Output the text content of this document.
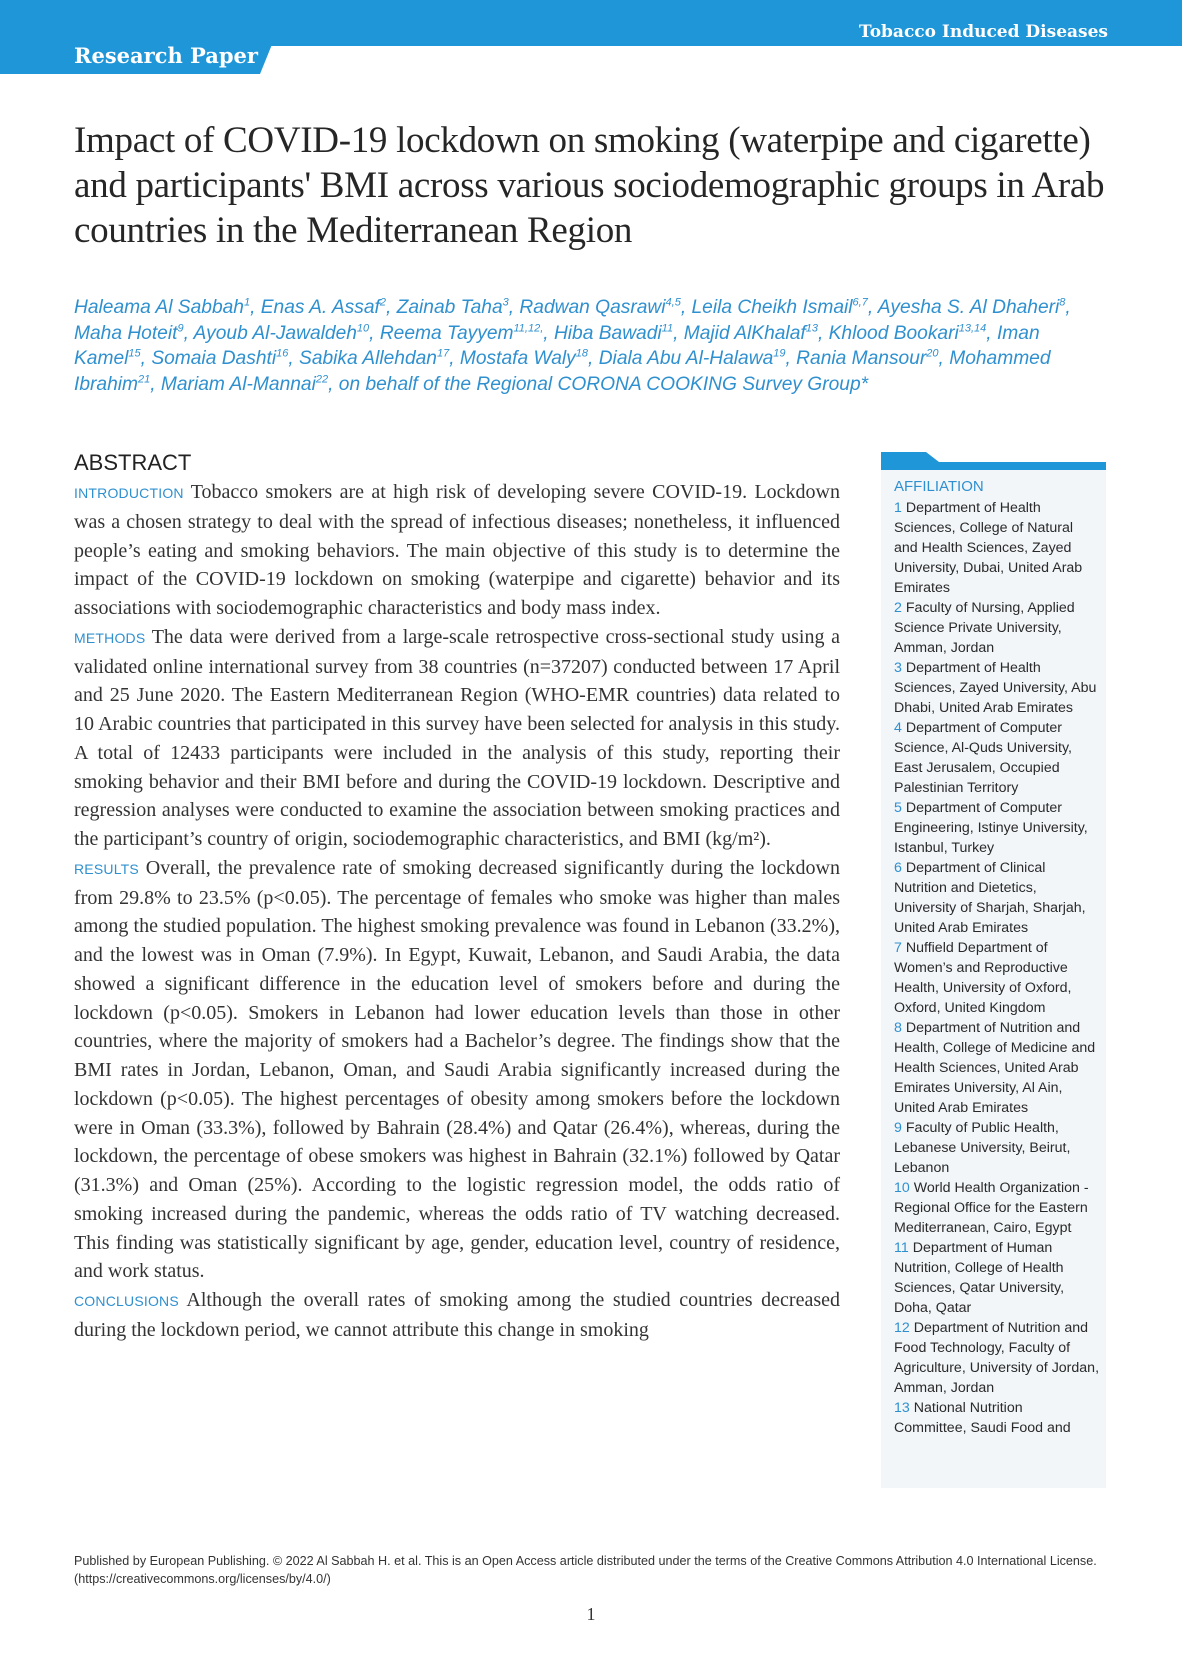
Tobacco Induced Diseases
Research Paper
Impact of COVID-19 lockdown on smoking (waterpipe and cigarette) and participants' BMI across various sociodemographic groups in Arab countries in the Mediterranean Region

Haleama Al Sabbah$^1$, Enas A. Assaf$^2$, Zainab Taha$^3$, Radwan Qasrawi$^{4,5}$, Leila Cheikh Ismail$^{6,7}$, Ayesha S. Al Dhaheri$^8$, Maha Hoteit$^9$, Ayoub Al-Jawaldeh$^{10}$, Reema Tayyem$^{11,12,}$, Hiba Bawadi$^{11}$, Majid AlKhalaf$^{13}$, Khlood Bookari$^{13,14}$, Iman Kamel$^{15}$, Somaia Dashti$^{16}$, Sabika Allehdan$^{17}$, Mostafa Waly$^{18}$, Diala Abu Al-Halawa$^{19}$, Rania Mansour$^{20}$, Mohammed Ibrahim$^{21}$, Mariam Al-Mannai$^{22}$, on behalf of the Regional CORONA COOKING Survey Group*

ABSTRACT

INTRODUCTION Tobacco smokers are at high risk of developing severe COVID-19. Lockdown was a chosen strategy to deal with the spread of infectious diseases; nonetheless, it influenced people’s eating and smoking behaviors. The main objective of this study is to determine the impact of the COVID-19 lockdown on smoking (waterpipe and cigarette) behavior and its associations with sociodemographic characteristics and body mass index.

METHODS The data were derived from a large-scale retrospective cross-sectional study using a validated online international survey from 38 countries (n=37207) conducted between 17 April and 25 June 2020. The Eastern Mediterranean Region (WHO-EMR countries) data related to 10 Arabic countries that participated in this survey have been selected for analysis in this study. A total of 12433 participants were included in the analysis of this study, reporting their smoking behavior and their BMI before and during the COVID-19 lockdown. Descriptive and regression analyses were conducted to examine the association between smoking practices and the participant’s country of origin, sociodemographic characteristics, and BMI (kg/m²).

RESULTS Overall, the prevalence rate of smoking decreased significantly during the lockdown from 29.8% to 23.5% (p<0.05). The percentage of females who smoke was higher than males among the studied population. The highest smoking prevalence was found in Lebanon (33.2%), and the lowest was in Oman (7.9%). In Egypt, Kuwait, Lebanon, and Saudi Arabia, the data showed a significant difference in the education level of smokers before and during the lockdown (p<0.05). Smokers in Lebanon had lower education levels than those in other countries, where the majority of smokers had a Bachelor’s degree. The findings show that the BMI rates in Jordan, Lebanon, Oman, and Saudi Arabia significantly increased during the lockdown (p<0.05). The highest percentages of obesity among smokers before the lockdown were in Oman (33.3%), followed by Bahrain (28.4%) and Qatar (26.4%), whereas, during the lockdown, the percentage of obese smokers was highest in Bahrain (32.1%) followed by Qatar (31.3%) and Oman (25%). According to the logistic regression model, the odds ratio of smoking increased during the pandemic, whereas the odds ratio of TV watching decreased. This finding was statistically significant by age, gender, education level, country of residence, and work status.

CONCLUSIONS Although the overall rates of smoking among the studied countries decreased during the lockdown period, we cannot attribute this change in smoking

AFFILIATION

1 Department of Health Sciences, College of Natural and Health Sciences, Zayed University, Dubai, United Arab Emirates

2 Faculty of Nursing, Applied Science Private University, Amman, Jordan

3 Department of Health Sciences, Zayed University, Abu Dhabi, United Arab Emirates

4 Department of Computer Science, Al-Quds University, East Jerusalem, Occupied Palestinian Territory

5 Department of Computer Engineering, Istinye University, Istanbul, Turkey

6 Department of Clinical Nutrition and Dietetics, University of Sharjah, Sharjah, United Arab Emirates

7 Nuffield Department of Women’s and Reproductive Health, University of Oxford, Oxford, United Kingdom

8 Department of Nutrition and Health, College of Medicine and Health Sciences, United Arab Emirates University, Al Ain, United Arab Emirates

9 Faculty of Public Health, Lebanese University, Beirut, Lebanon

10 World Health Organization - Regional Office for the Eastern Mediterranean, Cairo, Egypt

11 Department of Human Nutrition, College of Health Sciences, Qatar University, Doha, Qatar

12 Department of Nutrition and Food Technology, Faculty of Agriculture, University of Jordan, Amman, Jordan

13 National Nutrition Committee, Saudi Food and

Published by European Publishing. © 2022 Al Sabbah H. et al. This is an Open Access article distributed under the terms of the Creative Commons Attribution 4.0 International License. (https://creativecommons.org/licenses/by/4.0/)

1
